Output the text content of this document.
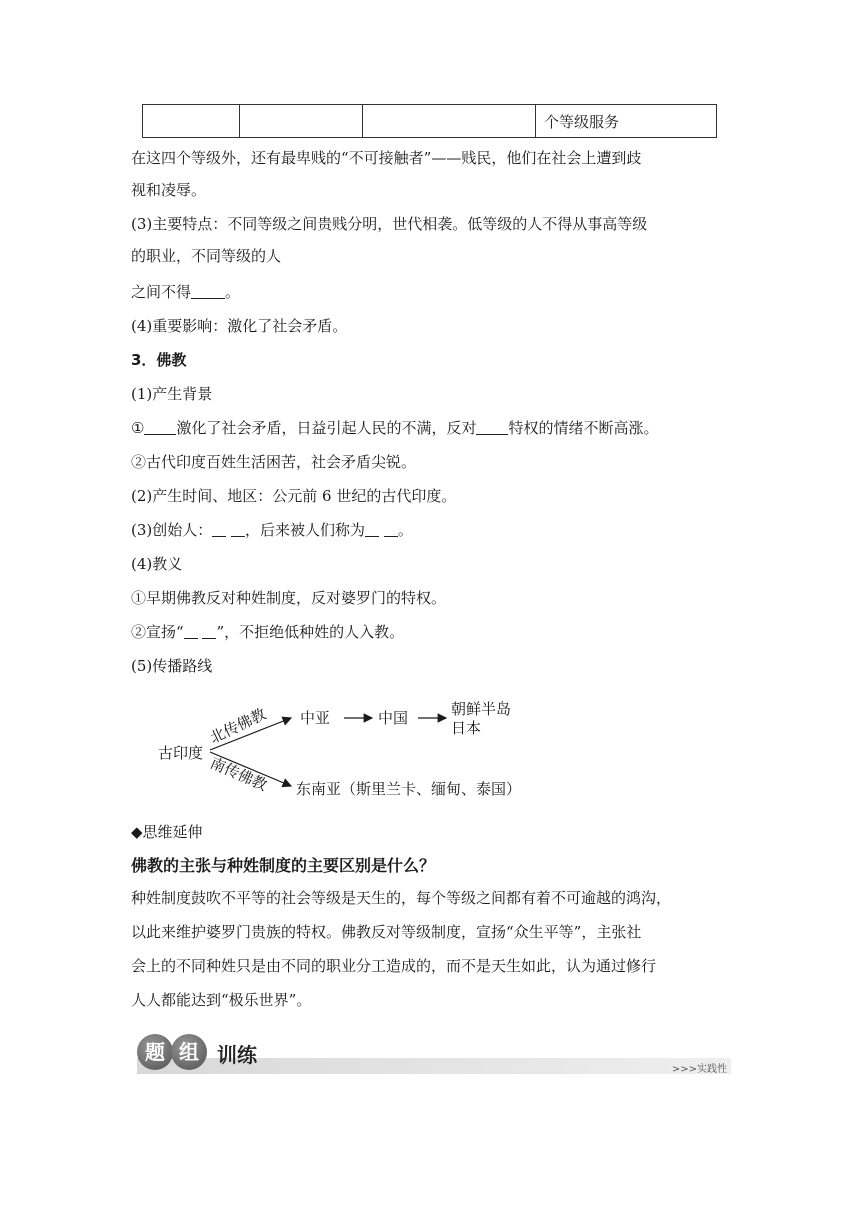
			个等级服务
在这四个等级外，还有最卑贱的“不可接触者”——贱民，他们在社会上遭到歧
视和凌辱。
(3)主要特点：不同等级之间贵贱分明，世代相袭。低等级的人不得从事高等级
的职业，不同等级的人
之间不得 。
(4)重要影响：激化了社会矛盾。
3．佛教
(1)产生背景
① 激化了社会矛盾，日益引起人民的不满，反对 特权的情绪不断高涨。
②古代印度百姓生活困苦，社会矛盾尖锐。
(2)产生时间、地区：公元前 6 世纪的古代印度。
(3)创始人： ，后来被人们称为 。
(4)教义
①早期佛教反对种姓制度，反对婆罗门的特权。
②宣扬“ ”，不拒绝低种姓的人入教。
(5)传播路线
古印度
北传佛教
南传佛教
中亚	中国	朝鲜半岛
日本
东南亚（斯里兰卡、缅甸、泰国）
◆思维延伸
佛教的主张与种姓制度的主要区别是什么？
种姓制度鼓吹不平等的社会等级是天生的，每个等级之间都有着不可逾越的鸿沟，
以此来维护婆罗门贵族的特权。佛教反对等级制度，宣扬“众生平等”，主张社
会上的不同种姓只是由不同的职业分工造成的，而不是天生如此，认为通过修行
人人都能达到“极乐世界”。
题 组 训练
>>>实践性
